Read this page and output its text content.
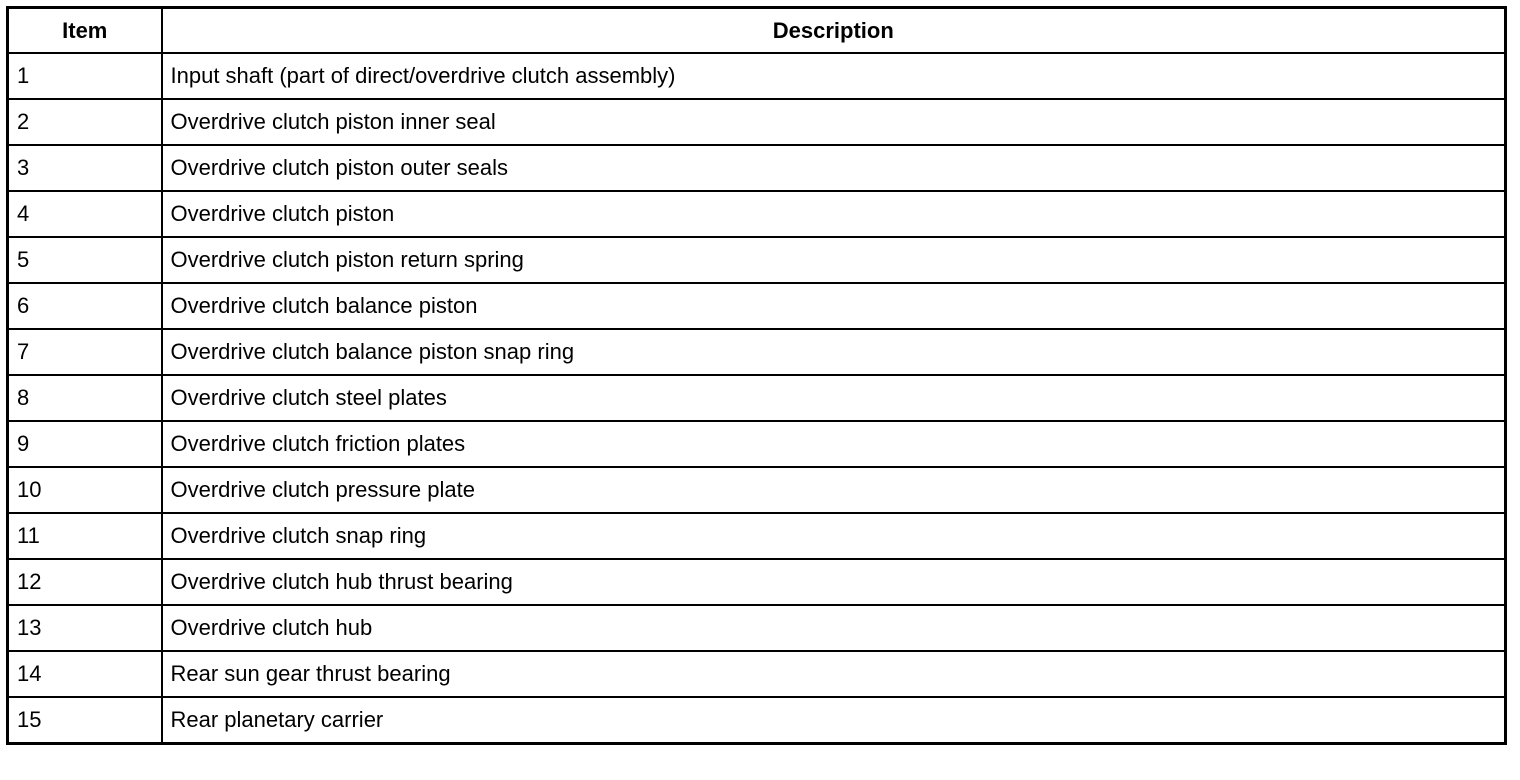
Item	Description
1	Input shaft (part of direct/overdrive clutch assembly)
2	Overdrive clutch piston inner seal
3	Overdrive clutch piston outer seals
4	Overdrive clutch piston
5	Overdrive clutch piston return spring
6	Overdrive clutch balance piston
7	Overdrive clutch balance piston snap ring
8	Overdrive clutch steel plates
9	Overdrive clutch friction plates
10	Overdrive clutch pressure plate
11	Overdrive clutch snap ring
12	Overdrive clutch hub thrust bearing
13	Overdrive clutch hub
14	Rear sun gear thrust bearing
15	Rear planetary carrier
